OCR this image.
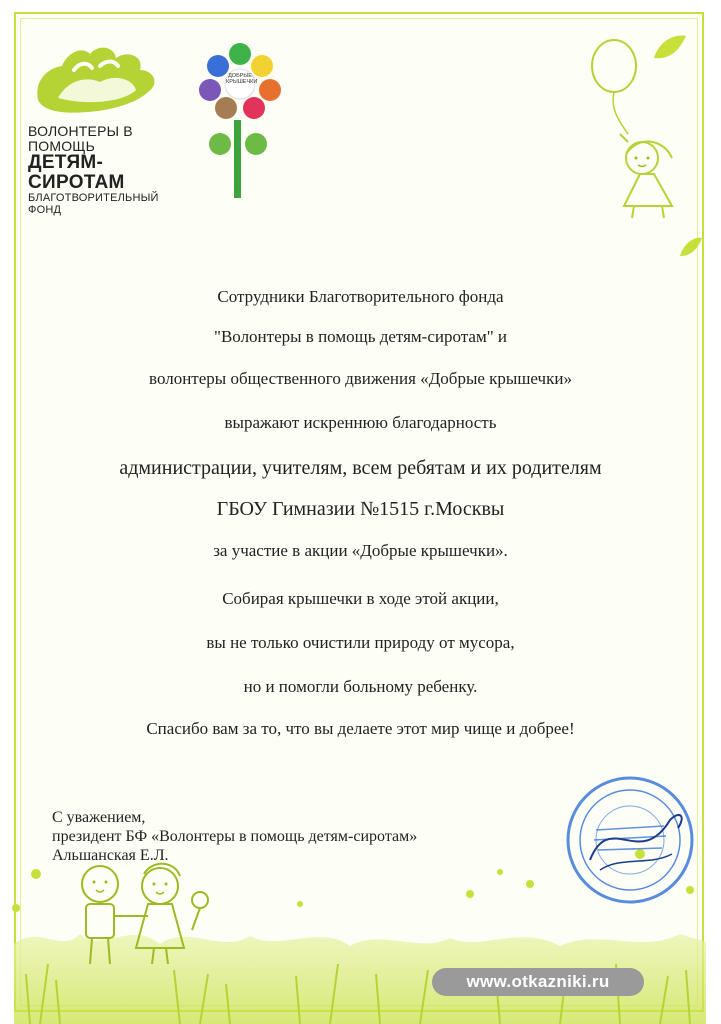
ВОЛОНТЕРЫ В ПОМОЩЬ
ДЕТЯМ-СИРОТАМ
БЛАГОТВОРИТЕЛЬНЫЙ ФОНД
ДОБРЫЕ КРЫШЕЧКИ
Сотрудники Благотворительного фонда
"Волонтеры в помощь детям-сиротам" и
волонтеры общественного движения «Добрые крышечки»
выражают искреннюю благодарность
администрации, учителям, всем ребятам и их родителям
ГБОУ Гимназии №1515 г.Москвы
за участие в акции «Добрые крышечки».
Собирая крышечки в ходе этой акции,
вы не только очистили природу от мусора,
но и помогли больному ребенку.
Спасибо вам за то, что вы делаете этот мир чище и добрее!
С уважением,
президент БФ «Волонтеры в помощь детям-сиротам»
Альшанская Е.Л.
www.otkazniki.ru
